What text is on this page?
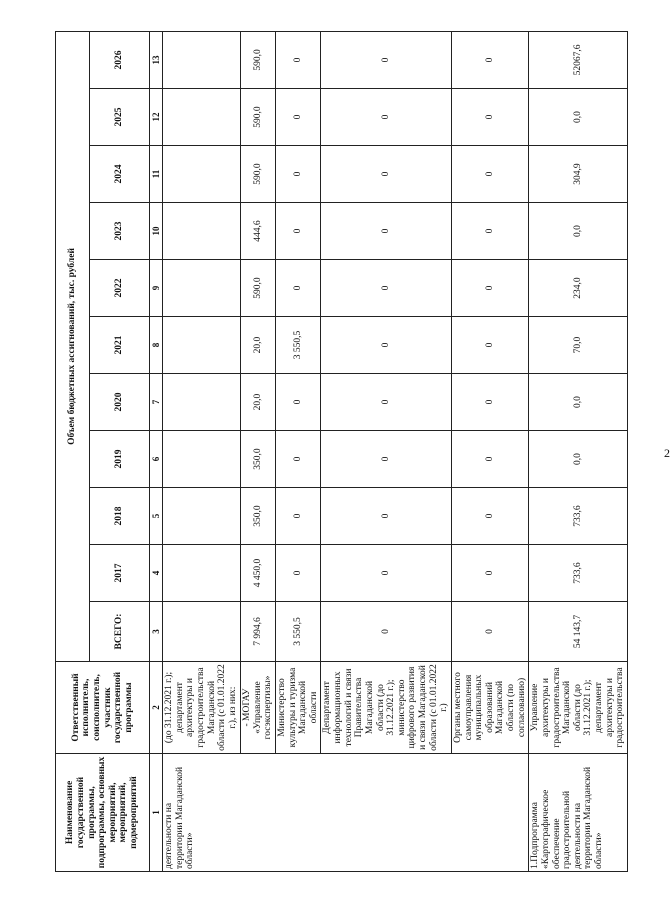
2
Наименование государственной программы, подпрограммы, основных мероприятий, мероприятий, подмероприятий	Ответственный исполнитель, соисполнитель, участник государственной программы	Объем бюджетных ассигнований, тыс. рублей										
		ВСЕГО:	2017	2018	2019	2020	2021	2022	2023	2024	2025	2026
1	2	3	4	5	6	7	8	9	10	11	12	13
деятельности на территории Магаданской области»	(до 31.12.2021 г.); департамент архитектуры и градостроительства Магаданской области (с 01.01.2022 г.), из них:											
	- МОГАУ «Управление госэкспертизы»	7 994,6	4 450,0	350,0	350,0	20,0	20,0	590,0	444,6	590,0	590,0	590,0
	Министерство культуры и туризма Магаданской области	3 550,5	0	0	0	0	3 550,5	0	0	0	0	0
	Департамент информационных технологий и связи Правительства Магаданской области (до 31.12.2021 г.); министерство цифрового развития и связи Магаданской области (с 01.01.2022 г.)	0	0	0	0	0	0	0	0	0	0	0
	Органы местного самоуправления муниципальных образований Магаданской области (по согласованию)	0	0	0	0	0	0	0	0	0	0	0
1.Подпрограмма «Картографическое обеспечение градостроительной деятельности на территории Магаданской области»	Управление архитектуры и градостроительства Магаданской области (до 31.12.2021 г.); департамент архитектуры и градостроительства	54 143,7	733,6	733,6	0,0	0,0	70,0	234,0	0,0	304,9	0,0	52067,6
